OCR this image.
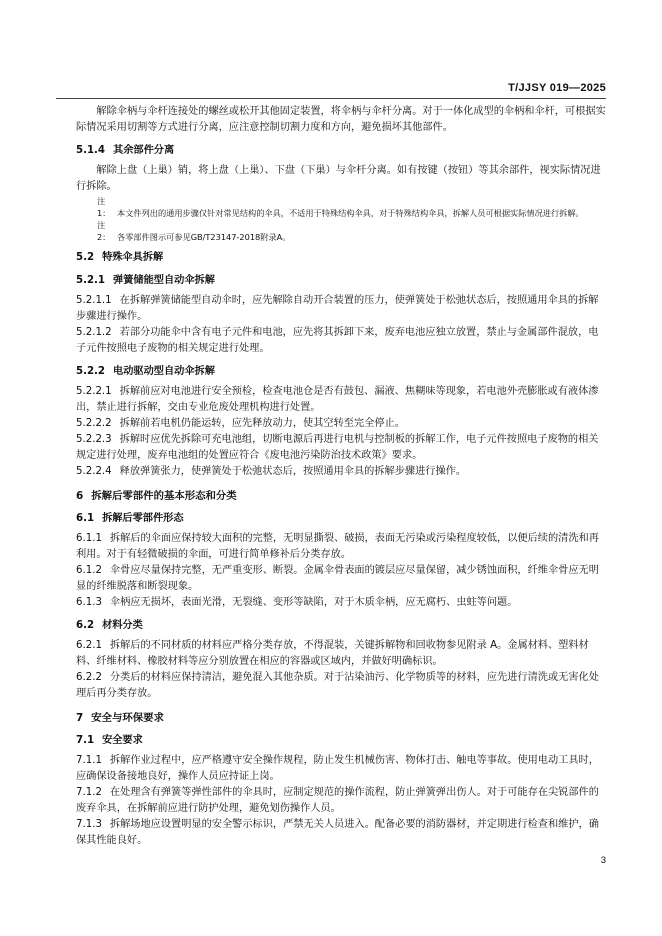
T/JJSY 019—2025

解除伞柄与伞杆连接处的螺丝或松开其他固定装置，将伞柄与伞杆分离。对于一体化成型的伞柄和伞杆，可根据实际情况采用切割等方式进行分离，应注意控制切割力度和方向，避免损坏其他部件。

5.1.4 其余部件分离

解除上盘（上巢）销，将上盘（上巢）、下盘（下巢）与伞杆分离。如有按键（按钮）等其余部件，视实际情况进行拆除。

注1： 本文件列出的通用步骤仅针对常见结构的伞具，不适用于特殊结构伞具，对于特殊结构伞具，拆解人员可根据实际情况进行拆解。

注2： 各零部件图示可参见GB/T23147-2018附录A。

5.2 特殊伞具拆解
5.2.1 弹簧储能型自动伞拆解

5.2.1.1 在拆解弹簧储能型自动伞时，应先解除自动开合装置的压力，使弹簧处于松弛状态后，按照通用伞具的拆解步骤进行操作。

5.2.1.2 若部分功能伞中含有电子元件和电池，应先将其拆卸下来，废弃电池应独立放置，禁止与金属部件混放，电子元件按照电子废物的相关规定进行处理。

5.2.2 电动驱动型自动伞拆解

5.2.2.1 拆解前应对电池进行安全预检，检查电池仓是否有鼓包、漏液、焦糊味等现象，若电池外壳膨胀或有液体渗出，禁止进行拆解，交由专业危废处理机构进行处置。

5.2.2.2 拆解前若电机仍能运转，应先释放动力，使其空转至完全停止。

5.2.2.3 拆解时应优先拆除可充电池组，切断电源后再进行电机与控制板的拆解工作，电子元件按照电子废物的相关规定进行处理，废弃电池组的处置应符合《废电池污染防治技术政策》要求。

5.2.2.4 释放弹簧张力，使弹簧处于松弛状态后，按照通用伞具的拆解步骤进行操作。

6 拆解后零部件的基本形态和分类
6.1 拆解后零部件形态

6.1.1 拆解后的伞面应保持较大面积的完整，无明显撕裂、破损，表面无污染或污染程度较低，以便后续的清洗和再利用。对于有轻微破损的伞面，可进行简单修补后分类存放。

6.1.2 伞骨应尽量保持完整，无严重变形、断裂。金属伞骨表面的镀层应尽量保留，减少锈蚀面积，纤维伞骨应无明显的纤维脱落和断裂现象。

6.1.3 伞柄应无损坏，表面光滑，无裂缝、变形等缺陷，对于木质伞柄，应无腐朽、虫蛀等问题。

6.2 材料分类

6.2.1 拆解后的不同材质的材料应严格分类存放，不得混装，关键拆解物和回收物参见附录 A。金属材料、塑料材料、纤维材料、橡胶材料等应分别放置在相应的容器或区域内，并做好明确标识。

6.2.2 分类后的材料应保持清洁，避免混入其他杂质。对于沾染油污、化学物质等的材料，应先进行清洗或无害化处理后再分类存放。

7 安全与环保要求
7.1 安全要求

7.1.1 拆解作业过程中，应严格遵守安全操作规程，防止发生机械伤害、物体打击、触电等事故。使用电动工具时，应确保设备接地良好，操作人员应持证上岗。

7.1.2 在处理含有弹簧等弹性部件的伞具时，应制定规范的操作流程，防止弹簧弹出伤人。对于可能存在尖锐部件的废弃伞具，在拆解前应进行防护处理，避免划伤操作人员。

7.1.3 拆解场地应设置明显的安全警示标识，严禁无关人员进入。配备必要的消防器材，并定期进行检查和维护，确保其性能良好。

3
